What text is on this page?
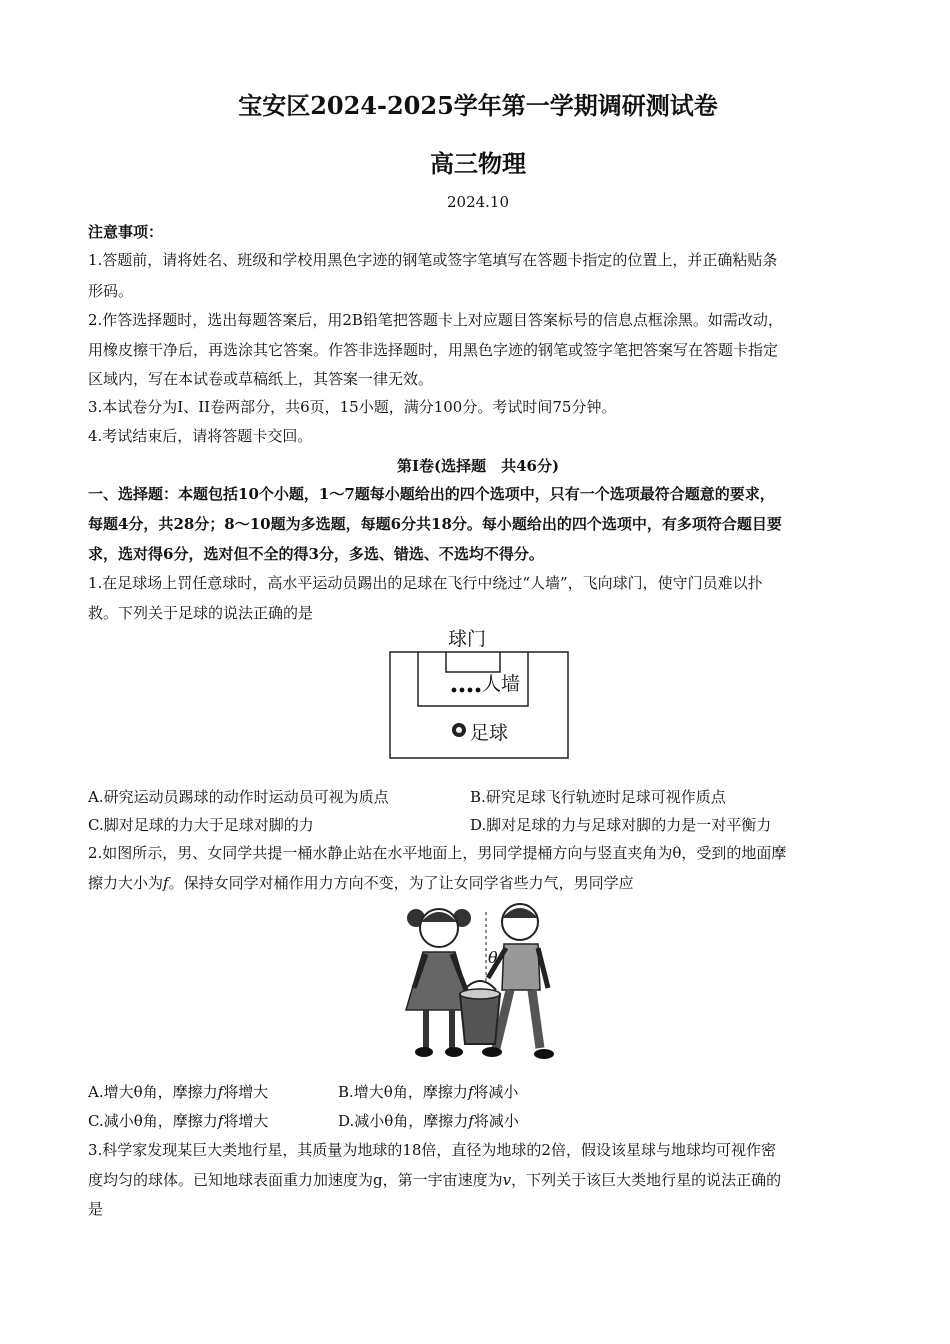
宝安区2024-2025学年第一学期调研测试卷
高三物理
2024.10
注意事项：
1.答题前，请将姓名、班级和学校用黑色字迹的钢笔或签字笔填写在答题卡指定的位置上，并正确粘贴条
形码。
2.作答选择题时，选出每题答案后，用2B铅笔把答题卡上对应题目答案标号的信息点框涂黑。如需改动，
用橡皮擦干净后，再选涂其它答案。作答非选择题时，用黑色字迹的钢笔或签字笔把答案写在答题卡指定
区域内，写在本试卷或草稿纸上，其答案一律无效。
3.本试卷分为I、II卷两部分，共6页，15小题，满分100分。考试时间75分钟。
4.考试结束后，请将答题卡交回。
第I卷(选择题　共46分)
一、选择题：本题包括10个小题，1～7题每小题给出的四个选项中，只有一个选项最符合题意的要求，
每题4分，共28分；8～10题为多选题，每题6分共18分。每小题给出的四个选项中，有多项符合题目要
求，选对得6分，选对但不全的得3分，多选、错选、不选均不得分。
1.在足球场上罚任意球时，高水平运动员踢出的足球在飞行中绕过“人墙”，飞向球门，使守门员难以扑
救。下列关于足球的说法正确的是
球门
人墙
足球
A.研究运动员踢球的动作时运动员可视为质点	B.研究足球飞行轨迹时足球可视作质点
C.脚对足球的力大于足球对脚的力	D.脚对足球的力与足球对脚的力是一对平衡力
2.如图所示，男、女同学共提一桶水静止站在水平地面上，男同学提桶方向与竖直夹角为θ，受到的地面摩
擦力大小为f。保持女同学对桶作用力方向不变，为了让女同学省些力气，男同学应
θ
A.增大θ角，摩擦力f将增大	B.增大θ角，摩擦力f将减小
C.减小θ角，摩擦力f将增大	D.减小θ角，摩擦力f将减小
3.科学家发现某巨大类地行星，其质量为地球的18倍，直径为地球的2倍，假设该星球与地球均可视作密
度均匀的球体。已知地球表面重力加速度为g，第一宇宙速度为v，下列关于该巨大类地行星的说法正确的
是
